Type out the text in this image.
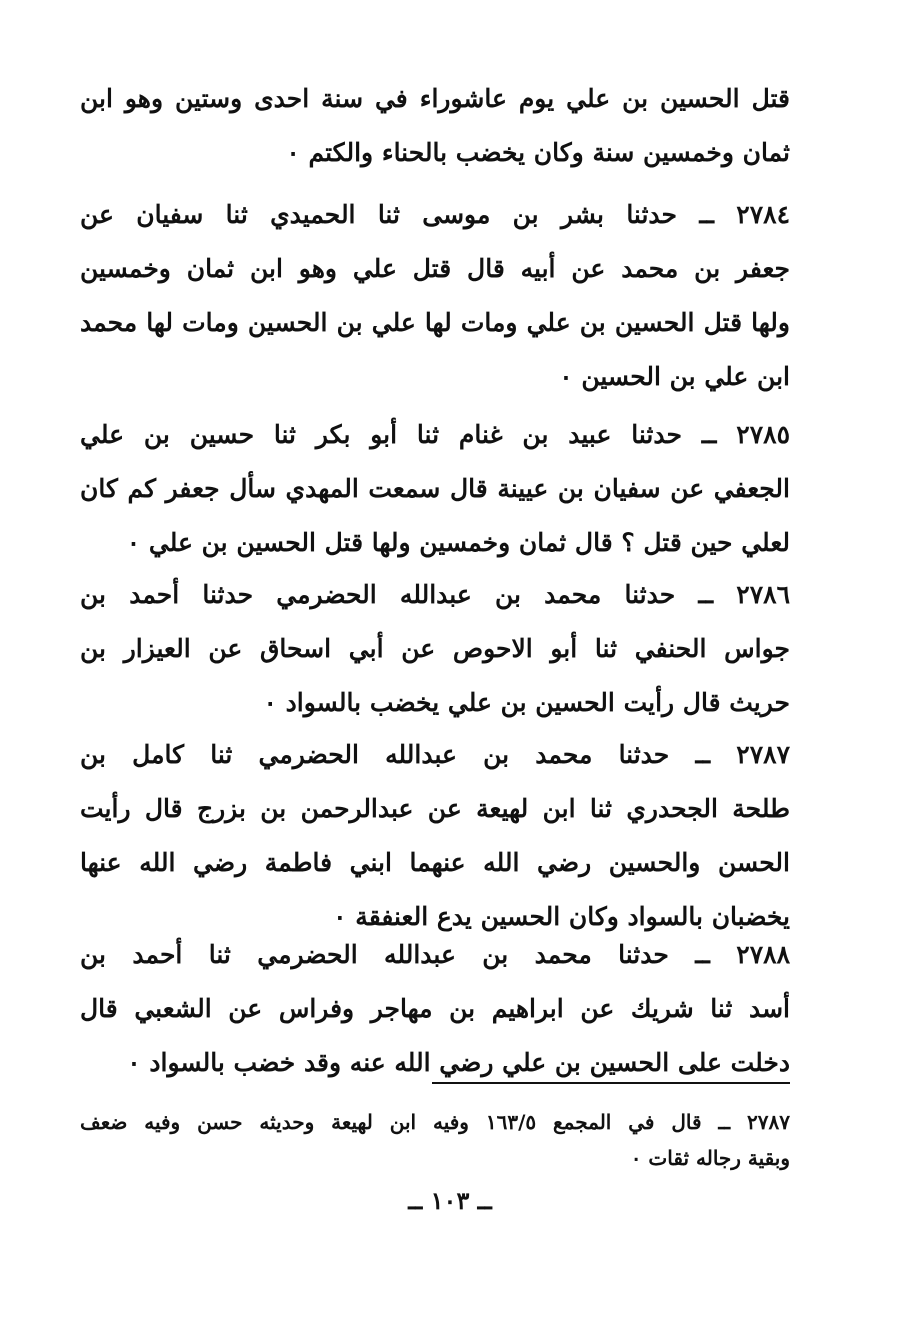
قتل الحسين بن علي يوم عاشوراء في سنة احدى وستين وهو ابن
ثمان وخمسين سنة وكان يخضب بالحناء والكتم ٠
٢٧٨٤ ــ حدثنا بشر بن موسى ثنا الحميدي ثنا سفيان عن
جعفر بن محمد عن أبيه قال قتل علي وهو ابن ثمان وخمسين
ولها قتل الحسين بن علي ومات لها علي بن الحسين ومات لها محمد
ابن علي بن الحسين ٠
٢٧٨٥ ــ حدثنا عبيد بن غنام ثنا أبو بكر ثنا حسين بن علي
الجعفي عن سفيان بن عيينة قال سمعت المهدي سأل جعفر كم كان
لعلي حين قتل ؟ قال ثمان وخمسين ولها قتل الحسين بن علي ٠
٢٧٨٦ ــ حدثنا محمد بن عبدالله الحضرمي حدثنا أحمد بن
جواس الحنفي ثنا أبو الاحوص عن أبي اسحاق عن العيزار بن
حريث قال رأيت الحسين بن علي يخضب بالسواد ٠
٢٧٨٧ ــ حدثنا محمد بن عبدالله الحضرمي ثنا كامل بن
طلحة الجحدري ثنا ابن لهيعة عن عبدالرحمن بن بزرج قال رأيت
الحسن والحسين رضي الله عنهما ابني فاطمة رضي الله عنها
يخضبان بالسواد وكان الحسين يدع العنفقة ٠
٢٧٨٨ ــ حدثنا محمد بن عبدالله الحضرمي ثنا أحمد بن
أسد ثنا شريك عن ابراهيم بن مهاجر وفراس عن الشعبي قال
دخلت على الحسين بن علي رضي الله عنه وقد خضب بالسواد ٠
٢٧٨٧ ــ قال في المجمع ١٦٣/٥ وفيه ابن لهيعة وحديثه حسن وفيه ضعف
وبقية رجاله ثقات ٠
ــ ١٠٣ ــ
